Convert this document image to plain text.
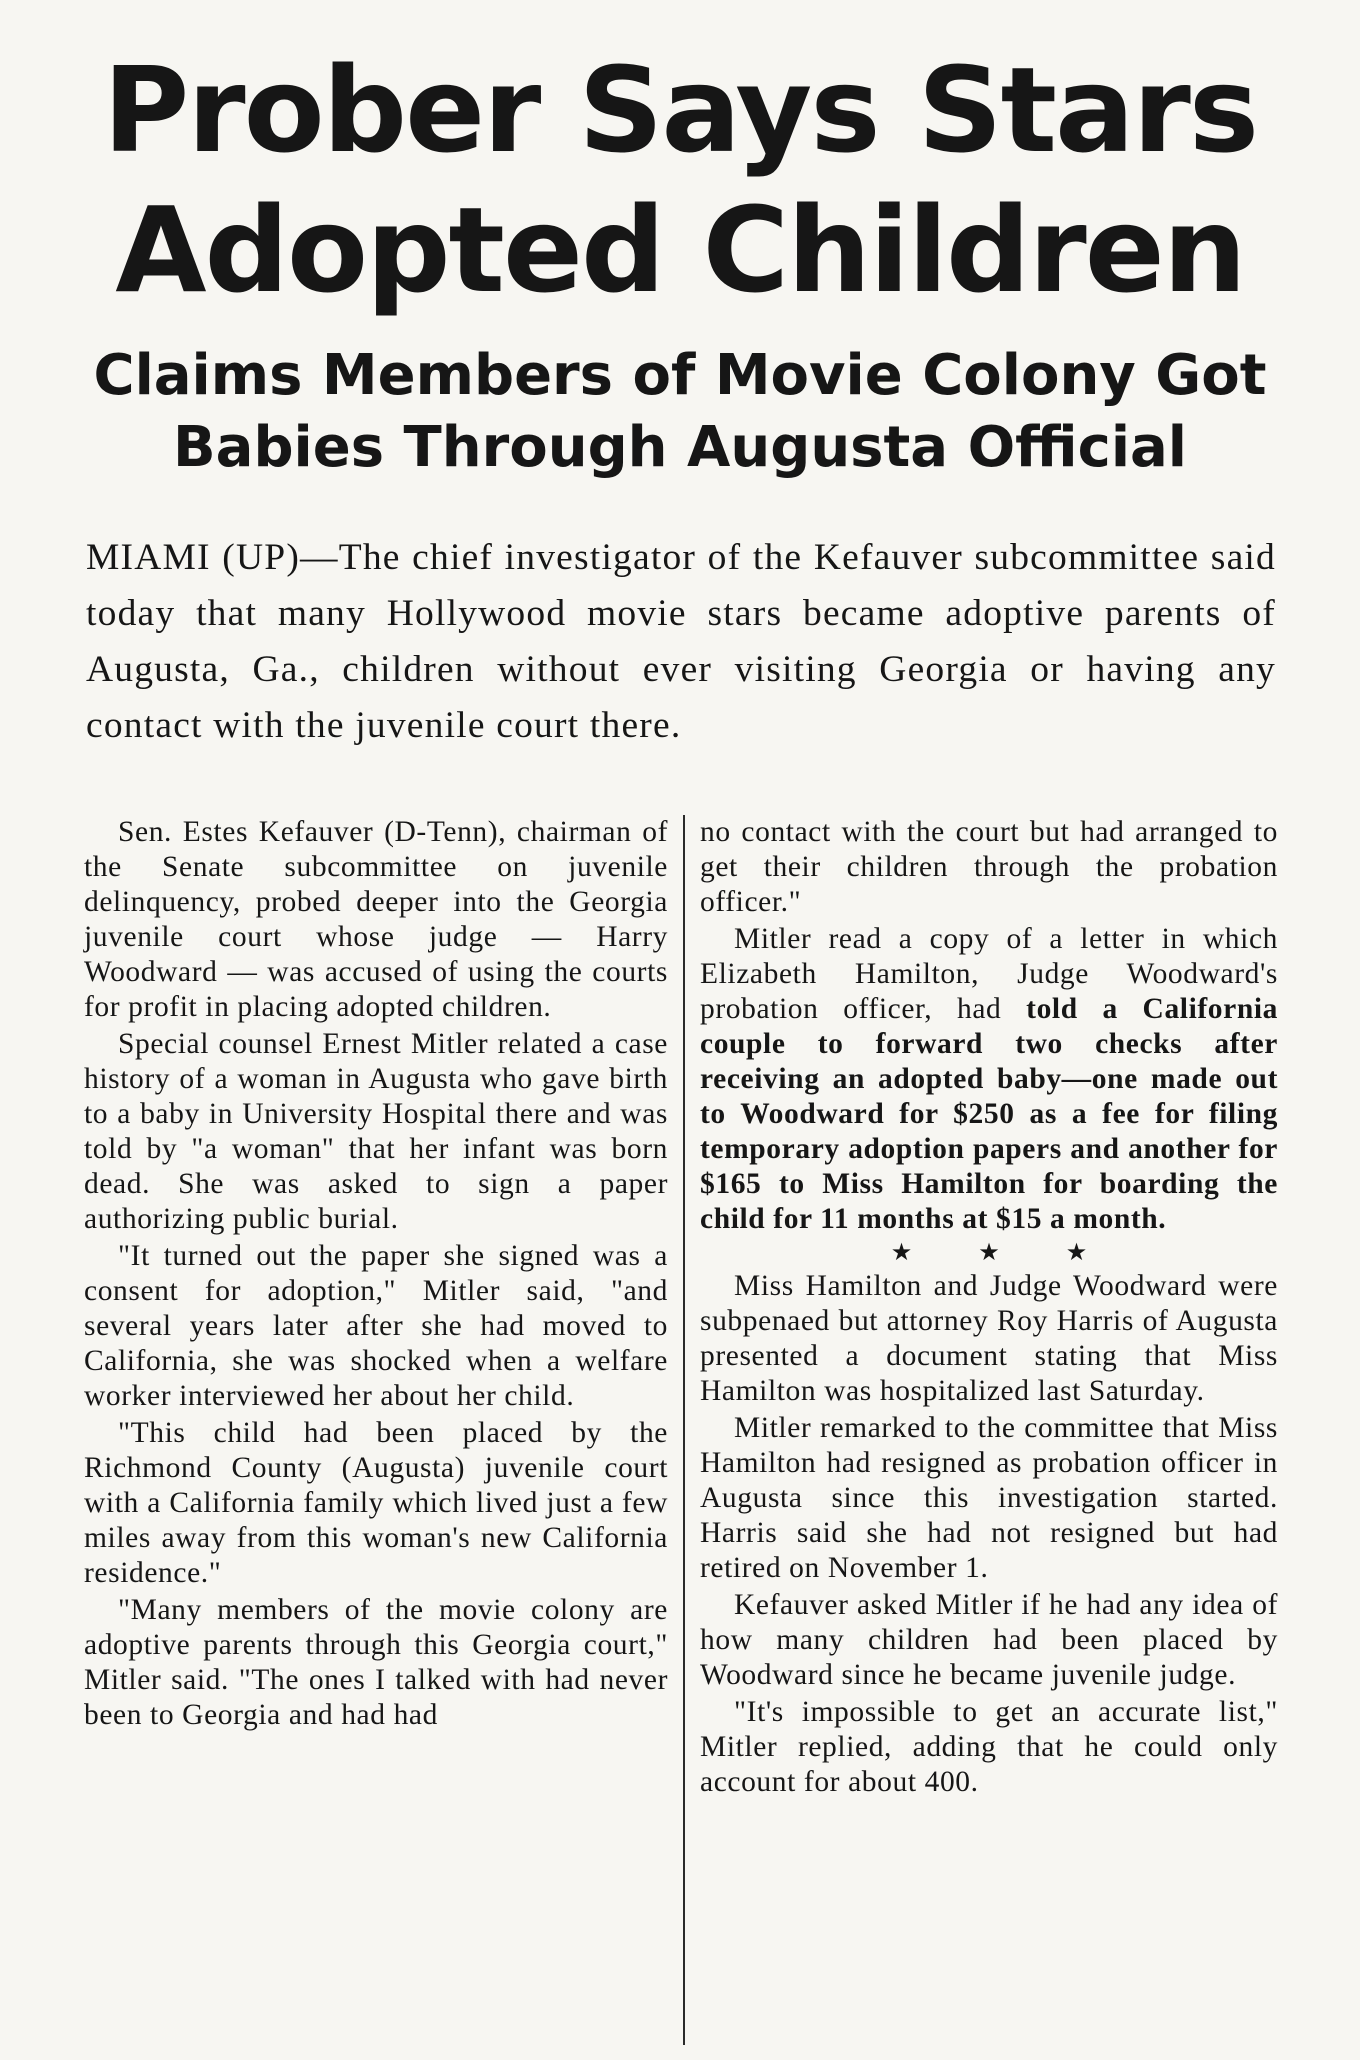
Prober Says Stars Adopted Children
Claims Members of Movie Colony Got Babies Through Augusta Official
MIAMI (UP)—The chief investigator of the Kefauver subcommittee said today that many Hollywood movie stars became adoptive parents of Augusta, Ga., children without ever visiting Georgia or having any contact with the juvenile court there.

Sen. Estes Kefauver (D-Tenn), chairman of the Senate subcommittee on juvenile delinquency, probed deeper into the Georgia juvenile court whose judge — Harry Woodward — was accused of using the courts for profit in placing adopted children.

Special counsel Ernest Mitler related a case history of a woman in Augusta who gave birth to a baby in University Hospital there and was told by "a woman" that her infant was born dead. She was asked to sign a paper authorizing public burial.

"It turned out the paper she signed was a consent for adoption," Mitler said, "and several years later after she had moved to California, she was shocked when a welfare worker interviewed her about her child.

"This child had been placed by the Richmond County (Augusta) juvenile court with a California family which lived just a few miles away from this woman's new California residence."

"Many members of the movie colony are adoptive parents through this Georgia court," Mitler said. "The ones I talked with had never been to Georgia and had had

no contact with the court but had arranged to get their children through the probation officer."

Mitler read a copy of a letter in which Elizabeth Hamilton, Judge Woodward's probation officer, had told a California couple to forward two checks after receiving an adopted baby—one made out to Woodward for $250 as a fee for filing temporary adoption papers and another for $165 to Miss Hamilton for boarding the child for 11 months at $15 a month.

★ ★ ★

Miss Hamilton and Judge Woodward were subpenaed but attorney Roy Harris of Augusta presented a document stating that Miss Hamilton was hospitalized last Saturday.

Mitler remarked to the committee that Miss Hamilton had resigned as probation officer in Augusta since this investigation started. Harris said she had not resigned but had retired on November 1.

Kefauver asked Mitler if he had any idea of how many children had been placed by Woodward since he became juvenile judge.

"It's impossible to get an accurate list," Mitler replied, adding that he could only account for about 400.
